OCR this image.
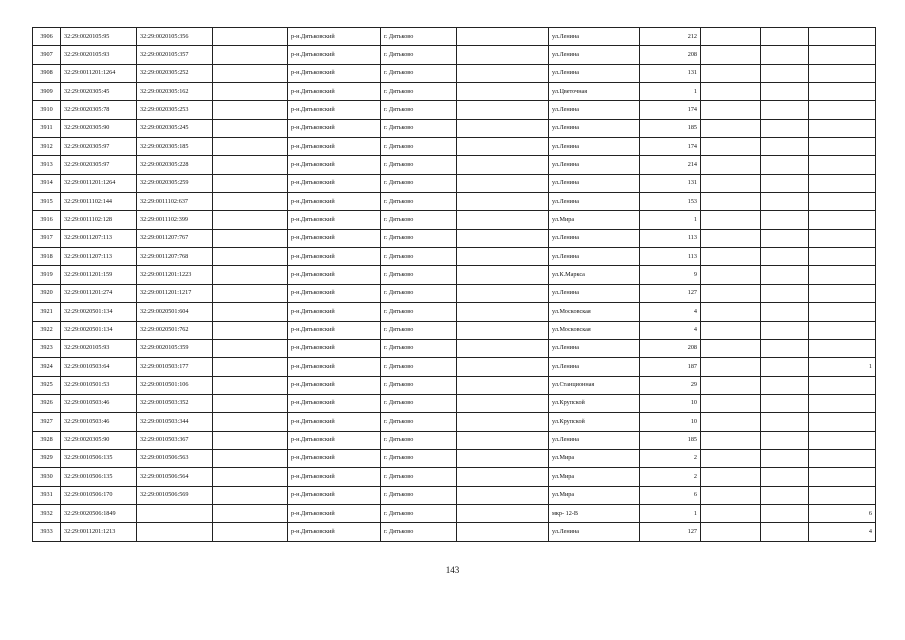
3906	32:29:0020105:95	32:29:0020105:356		р-н.Дятьковский	г. Дятьково		ул.Ленина	212			
3907	32:29:0020105:93	32:29:0020105:357		р-н.Дятьковский	г. Дятьково		ул.Ленина	208			
3908	32:29:0011201:1264	32:29:0020305:252		р-н.Дятьковский	г. Дятьково		ул.Ленина	131			
3909	32:29:0020305:45	32:29:0020305:162		р-н.Дятьковский	г. Дятьково		ул.Цветочная	1			
3910	32:29:0020305:78	32:29:0020305:253		р-н.Дятьковский	г. Дятьково		ул.Ленина	174			
3911	32:29:0020305:90	32:29:0020305:245		р-н.Дятьковский	г. Дятьково		ул.Ленина	185			
3912	32:29:0020305:97	32:29:0020305:185		р-н.Дятьковский	г. Дятьково		ул.Ленина	174			
3913	32:29:0020305:97	32:29:0020305:228		р-н.Дятьковский	г. Дятьково		ул.Ленина	214			
3914	32:29:0011201:1264	32:29:0020305:259		р-н.Дятьковский	г. Дятьково		ул.Ленина	131			
3915	32:29:0011102:144	32:29:0011102:637		р-н.Дятьковский	г. Дятьково		ул.Ленина	153			
3916	32:29:0011102:128	32:29:0011102:399		р-н.Дятьковский	г. Дятьково		ул.Мира	1			
3917	32:29:0011207:113	32:29:0011207:767		р-н.Дятьковский	г. Дятьково		ул.Ленина	113			
3918	32:29:0011207:113	32:29:0011207:768		р-н.Дятьковский	г. Дятьково		ул.Ленина	113			
3919	32:29:0011201:159	32:29:0011201:1223		р-н.Дятьковский	г. Дятьково		ул.К.Маркса	9			
3920	32:29:0011201:274	32:29:0011201:1217		р-н.Дятьковский	г. Дятьково		ул.Ленина	127			
3921	32:29:0020501:134	32:29:0020501:604		р-н.Дятьковский	г. Дятьково		ул.Московская	4			
3922	32:29:0020501:134	32:29:0020501:762		р-н.Дятьковский	г. Дятьково		ул.Московская	4			
3923	32:29:0020105:93	32:29:0020105:359		р-н.Дятьковский	г. Дятьково		ул.Ленина	208			
3924	32:29:0010503:64	32:29:0010503:177		р-н.Дятьковский	г. Дятьково		ул.Ленина	187			1
3925	32:29:0010501:53	32:29:0010501:106		р-н.Дятьковский	г. Дятьково		ул.Станционная	29			
3926	32:29:0010503:46	32:29:0010503:352		р-н.Дятьковский	г. Дятьково		ул.Крупской	10			
3927	32:29:0010503:46	32:29:0010503:344		р-н.Дятьковский	г. Дятьково		ул.Крупской	10			
3928	32:29:0020305:90	32:29:0010503:367		р-н.Дятьковский	г. Дятьково		ул.Ленина	185			
3929	32:29:0010506:135	32:29:0010506:563		р-н.Дятьковский	г. Дятьково		ул.Мира	2			
3930	32:29:0010506:135	32:29:0010506:564		р-н.Дятьковский	г. Дятьково		ул.Мира	2			
3931	32:29:0010506:170	32:29:0010506:569		р-н.Дятьковский	г. Дятьково		ул.Мира	6			
3932	32:29:0020506:1849			р-н.Дятьковский	г. Дятьково		мкр- 12-В	1			6
3933	32:29:0011201:1213			р-н.Дятьковский	г. Дятьково		ул.Ленина	127			4
143
